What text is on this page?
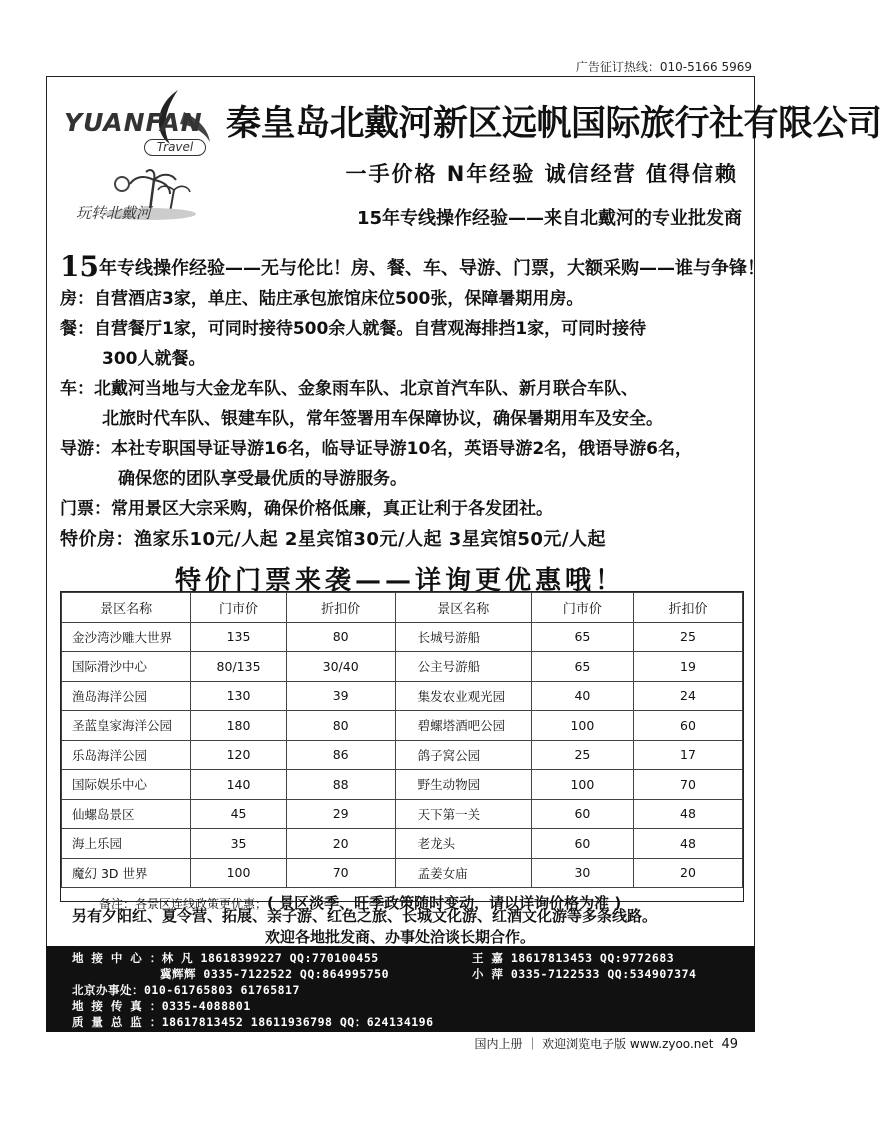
广告征订热线：010-5166 5969
YUANFAN
Travel
秦皇岛北戴河新区远帆国际旅行社有限公司
一手价格 N年经验 诚信经营 值得信赖
玩转北戴河	15年专线操作经验——来自北戴河的专业批发商
15年专线操作经验——无与伦比！房、餐、车、导游、门票，大额采购——谁与争锋！
房：自营酒店3家，单庄、陆庄承包旅馆床位500张，保障暑期用房。
餐：自营餐厅1家，可同时接待500余人就餐。自营观海排挡1家，可同时接待
300人就餐。
车：北戴河当地与大金龙车队、金象雨车队、北京首汽车队、新月联合车队、
北旅时代车队、银建车队，常年签署用车保障协议，确保暑期用车及安全。
导游：本社专职国导证导游16名，临导证导游10名，英语导游2名，俄语导游6名，
确保您的团队享受最优质的导游服务。
门票：常用景区大宗采购，确保价格低廉，真正让利于各发团社。
特价房：渔家乐10元/人起 2星宾馆30元/人起 3星宾馆50元/人起
特价门票来袭——详询更优惠哦！
景区名称	门市价	折扣价	景区名称	门市价	折扣价
金沙湾沙雕大世界	135	80	长城号游船	65	25
国际滑沙中心	80/135	30/40	公主号游船	65	19
渔岛海洋公园	130	39	集发农业观光园	40	24
圣蓝皇家海洋公园	180	80	碧螺塔酒吧公园	100	60
乐岛海洋公园	120	86	鸽子窝公园	25	17
国际娱乐中心	140	88	野生动物园	100	70
仙螺岛景区	45	29	天下第一关	60	48
海上乐园	35	20	老龙头	60	48
魔幻 3D 世界	100	70	孟姜女庙	30	20
备注：各景区连线政策更优惠；( 景区淡季、旺季政策随时变动，请以详询价格为准 )
另有夕阳红、夏令营、拓展、亲子游、红色之旅、长城文化游、红酒文化游等多条线路。
欢迎各地批发商、办事处洽谈长期合作。
地 接 中 心 ：林 凡 18618399227 QQ:770100455	王 嘉 18617813453 QQ:9772683
冀辉辉 0335-7122522 QQ:864995750	小 萍 0335-7122533 QQ:534907374
北京办事处：010-61765803 61765817
地 接 传 真 ：0335-4088801
质 量 总 监 ：18617813452 18611936798 QQ：624134196
国内上册 ｜ 欢迎浏览电子版 www.zyoo.net 49
